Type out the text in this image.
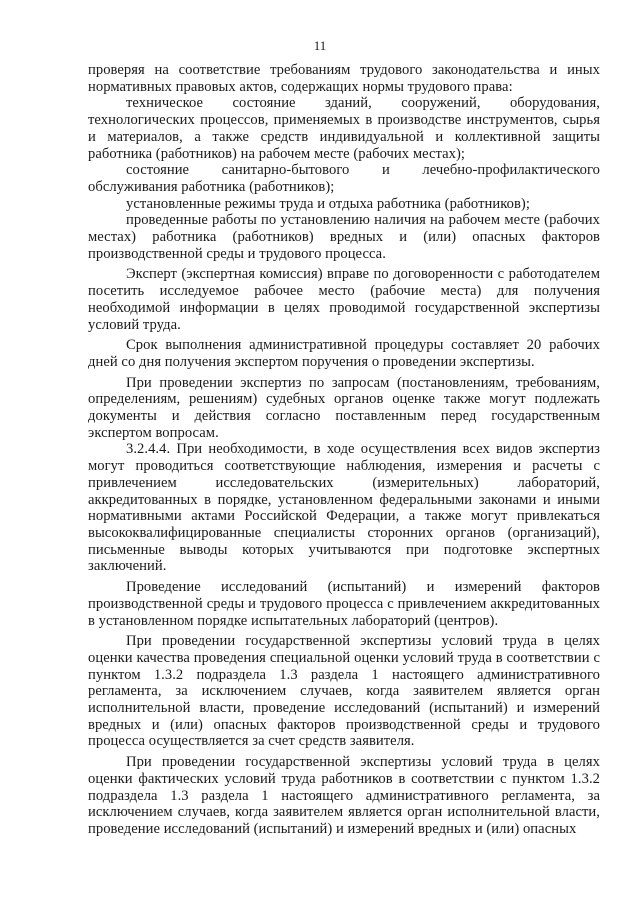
11

проверяя на соответствие требованиям трудового законодательства и иных нормативных правовых актов, содержащих нормы трудового права:

техническое состояние зданий, сооружений, оборудования, технологических процессов, применяемых в производстве инструментов, сырья и материалов, а также средств индивидуальной и коллективной защиты работника (работников) на рабочем месте (рабочих местах);

состояние санитарно-бытового и лечебно-профилактического обслуживания работника (работников);

установленные режимы труда и отдыха работника (работников);

проведенные работы по установлению наличия на рабочем месте (рабочих местах) работника (работников) вредных и (или) опасных факторов производственной среды и трудового процесса.

Эксперт (экспертная комиссия) вправе по договоренности с работодателем посетить исследуемое рабочее место (рабочие места) для получения необходимой информации в целях проводимой государственной экспертизы условий труда.

Срок выполнения административной процедуры составляет 20 рабочих дней со дня получения экспертом поручения о проведении экспертизы.

При проведении экспертиз по запросам (постановлениям, требованиям, определениям, решениям) судебных органов оценке также могут подлежать документы и действия согласно поставленным перед государственным экспертом вопросам.

3.2.4.4. При необходимости, в ходе осуществления всех видов экспертиз могут проводиться соответствующие наблюдения, измерения и расчеты с привлечением исследовательских (измерительных) лабораторий, аккредитованных в порядке, установленном федеральными законами и иными нормативными актами Российской Федерации, а также могут привлекаться высококвалифицированные специалисты сторонних органов (организаций), письменные выводы которых учитываются при подготовке экспертных заключений.

Проведение исследований (испытаний) и измерений факторов производственной среды и трудового процесса с привлечением аккредитованных в установленном порядке испытательных лабораторий (центров).

При проведении государственной экспертизы условий труда в целях оценки качества проведения специальной оценки условий труда в соответствии с пунктом 1.3.2 подраздела 1.3 раздела 1 настоящего административного регламента, за исключением случаев, когда заявителем является орган исполнительной власти, проведение исследований (испытаний) и измерений вредных и (или) опасных факторов производственной среды и трудового процесса осуществляется за счет средств заявителя.

При проведении государственной экспертизы условий труда в целях оценки фактических условий труда работников в соответствии с пунктом 1.3.2 подраздела 1.3 раздела 1 настоящего административного регламента, за исключением случаев, когда заявителем является орган исполнительной власти, проведение исследований (испытаний) и измерений вредных и (или) опасных
